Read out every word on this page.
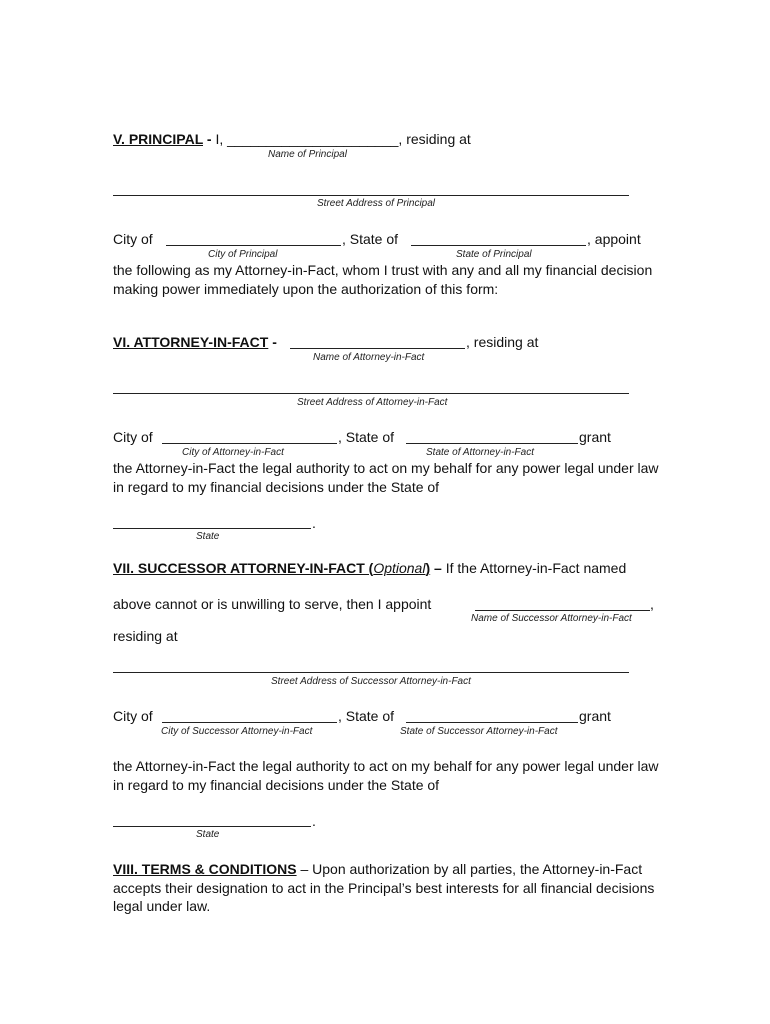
V. PRINCIPAL - I, ______________________, residing at
Name of Principal
Street Address of Principal
City of	, State of	, appoint
City of Principal	State of Principal
the following as my Attorney-in-Fact, whom I trust with any and all my financial decision making power immediately upon the authorization of this form:
VI. ATTORNEY-IN-FACT -	, residing at
Name of Attorney-in-Fact
Street Address of Attorney-in-Fact
City of	, State of	grant
City of Attorney-in-Fact	State of Attorney-in-Fact
the Attorney-in-Fact the legal authority to act on my behalf for any power legal under law in regard to my financial decisions under the State of
.
State
VII. SUCCESSOR ATTORNEY-IN-FACT (Optional) – If the Attorney-in-Fact named
above cannot or is unwilling to serve, then I appoint	,
Name of Successor Attorney-in-Fact
residing at
Street Address of Successor Attorney-in-Fact
City of	, State of	grant
City of Successor Attorney-in-Fact	State of Successor Attorney-in-Fact
the Attorney-in-Fact the legal authority to act on my behalf for any power legal under law in regard to my financial decisions under the State of
.
State
VIII. TERMS & CONDITIONS – Upon authorization by all parties, the Attorney-in-Fact accepts their designation to act in the Principal’s best interests for all financial decisions legal under law.
